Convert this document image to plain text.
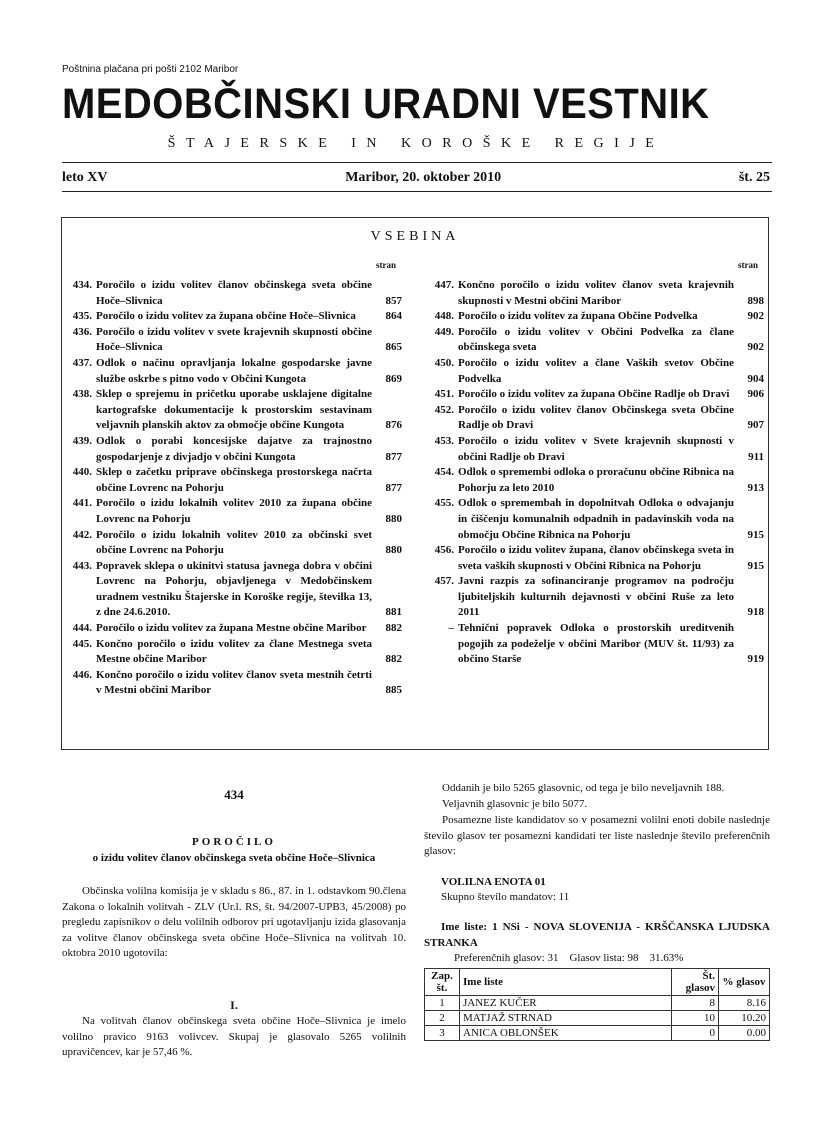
Poštnina plačana pri pošti 2102 Maribor
MEDOBČINSKI URADNI VESTNIK
ŠTAJERSKE IN KOROŠKE REGIJE
leto XV	Maribor, 20. oktober 2010	št. 25
VSEBINA
stran	stran
434. Poročilo o izidu volitev članov občinskega sveta občine Hoče–Slivnica	857
435. Poročilo o izidu volitev za župana občine Hoče–Slivnica	864
436. Poročilo o izidu volitev v svete krajevnih skupnosti občine Hoče–Slivnica	865
437. Odlok o načinu opravljanja lokalne gospodarske javne službe oskrbe s pitno vodo v Občini Kungota	869
438. Sklep o sprejemu in pričetku uporabe usklajene digitalne kartografske dokumentacije k prostorskim sestavinam veljavnih planskih aktov za območje občine Kungota	876
439. Odlok o porabi koncesijske dajatve za trajnostno gospodarjenje z divjadjo v občini Kungota	877
440. Sklep o začetku priprave občinskega prostorskega načrta občine Lovrenc na Pohorju	877
441. Poročilo o izidu lokalnih volitev 2010 za župana občine Lovrenc na Pohorju	880
442. Poročilo o izidu lokalnih volitev 2010 za občinski svet občine Lovrenc na Pohorju	880
443. Popravek sklepa o ukinitvi statusa javnega dobra v občini Lovrenc na Pohorju, objavljenega v Medobčinskem uradnem vestniku Štajerske in Koroške regije, številka 13, z dne 24.6.2010.	881
444. Poročilo o izidu volitev za župana Mestne občine Maribor	882
445. Končno poročilo o izidu volitev za člane Mestnega sveta Mestne občine Maribor	882
446. Končno poročilo o izidu volitev članov sveta mestnih četrti v Mestni občini Maribor	885
447. Končno poročilo o izidu volitev članov sveta krajevnih skupnosti v Mestni občini Maribor	898
448. Poročilo o izidu volitev za župana Občine Podvelka	902
449. Poročilo o izidu volitev v Občini Podvelka za člane občinskega sveta	902
450. Poročilo o izidu volitev a člane Vaških svetov Občine Podvelka	904
451. Poročilo o izidu volitev za župana Občine Radlje ob Dravi	906
452. Poročilo o izidu volitev članov Občinskega sveta Občine Radlje ob Dravi	907
453. Poročilo o izidu volitev v Svete krajevnih skupnosti v občini Radlje ob Dravi	911
454. Odlok o spremembi odloka o proračunu občine Ribnica na Pohorju za leto 2010	913
455. Odlok o spremembah in dopolnitvah Odloka o odvajanju in čiščenju komunalnih odpadnih in padavinskih voda na območju Občine Ribnica na Pohorju	915
456. Poročilo o izidu volitev župana, članov občinskega sveta in sveta vaških skupnosti v Občini Ribnica na Pohorju	915
457. Javni razpis za sofinanciranje programov na področju ljubiteljskih kulturnih dejavnosti v občini Ruše za leto 2011	918
– Tehnični popravek Odloka o prostorskih ureditvenih pogojih za podeželje v občini Maribor (MUV št. 11/93) za občino Starše	919
434
POROČILO
o izidu volitev članov občinskega sveta občine Hoče–Slivnica
Občinska volilna komisija je v skladu s 86., 87. in 1. odstavkom 90.člena Zakona o lokalnih volitvah - ZLV (Ur.l. RS, št. 94/2007-UPB3, 45/2008) po pregledu zapisnikov o delu volilnih odborov pri ugotavljanju izida glasovanja za volitve članov občinskega sveta občine Hoče–Slivnica na volitvah 10. oktobra 2010 ugotovila:
I.
Na volitvah članov občinskega sveta občine Hoče–Slivnica je imelo volilno pravico 9163 volivcev. Skupaj je glasovalo 5265 volilnih upravičencev, kar je 57,46 %.
Oddanih je bilo 5265 glasovnic, od tega je bilo neveljavnih 188.
Veljavnih glasovnic je bilo 5077.
Posamezne liste kandidatov so v posamezni volilni enoti dobile naslednje število glasov ter posamezni kandidati ter liste naslednje število preferenčnih glasov:
VOLILNA ENOTA 01
Skupno število mandatov: 11
Ime liste: 1 NSi - NOVA SLOVENIJA - KRŠČANSKA LJUDSKA STRANKA
Preferenčnih glasov: 31    Glasov lista: 98    31.63%
Zap. št.	Ime liste	Št. glasov	% glasov
1	JANEZ KUČER	8	8.16
2	MATJAŽ STRNAD	10	10.20
3	ANICA OBLONŠEK	0	0.00
